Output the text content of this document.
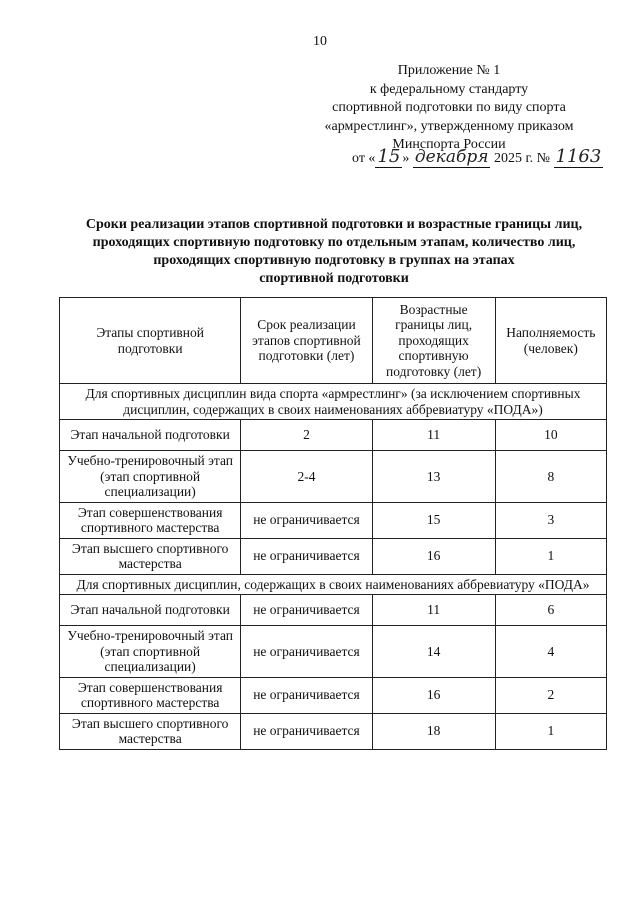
10
Приложение № 1
к федеральному стандарту
спортивной подготовки по виду спорта
«армрестлинг», утвержденному приказом
Минспорта России
от « 15 » декабря 2025 г. № 1163
Сроки реализации этапов спортивной подготовки и возрастные границы лиц,
проходящих спортивную подготовку по отдельным этапам, количество лиц,
проходящих спортивную подготовку в группах на этапах
спортивной подготовки
Этапы спортивной подготовки	Срок реализации этапов спортивной подготовки (лет)	Возрастные границы лиц, проходящих спортивную подготовку (лет)	Наполняемость (человек)
Для спортивных дисциплин вида спорта «армрестлинг» (за исключением спортивных дисциплин, содержащих в своих наименованиях аббревиатуру «ПОДА»)			
Этап начальной подготовки	2	11	10
Учебно-тренировочный этап (этап спортивной специализации)	2-4	13	8
Этап совершенствования спортивного мастерства	не ограничивается	15	3
Этап высшего спортивного мастерства	не ограничивается	16	1
Для спортивных дисциплин, содержащих в своих наименованиях аббревиатуру «ПОДА»			
Этап начальной подготовки	не ограничивается	11	6
Учебно-тренировочный этап (этап спортивной специализации)	не ограничивается	14	4
Этап совершенствования спортивного мастерства	не ограничивается	16	2
Этап высшего спортивного мастерства	не ограничивается	18	1
